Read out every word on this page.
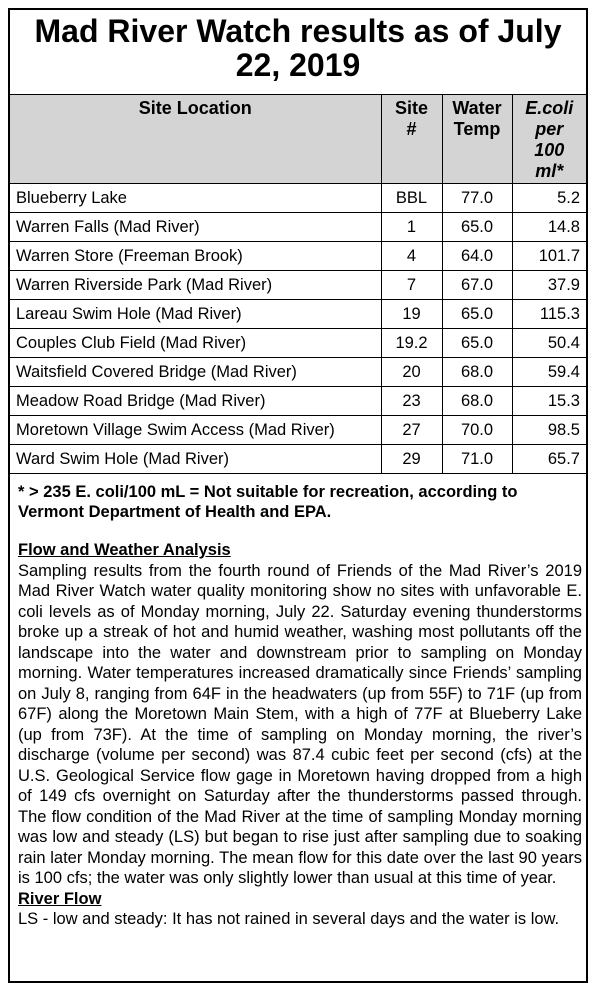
Mad River Watch results as of July 22, 2019
Site Location	Site #	Water Temp	E.coli per 100 ml*
Blueberry Lake	BBL	77.0	5.2
Warren Falls (Mad River)	1	65.0	14.8
Warren Store (Freeman Brook)	4	64.0	101.7
Warren Riverside Park (Mad River)	7	67.0	37.9
Lareau Swim Hole (Mad River)	19	65.0	115.3
Couples Club Field (Mad River)	19.2	65.0	50.4
Waitsfield Covered Bridge (Mad River)	20	68.0	59.4
Meadow Road Bridge (Mad River)	23	68.0	15.3
Moretown Village Swim Access (Mad River)	27	70.0	98.5
Ward Swim Hole (Mad River)	29	71.0	65.7
* > 235 E. coli/100 mL = Not suitable for recreation, according to Vermont Department of Health and EPA.
Flow and Weather Analysis
Sampling results from the fourth round of Friends of the Mad River’s 2019 Mad River Watch water quality monitoring show no sites with unfavorable E. coli levels as of Monday morning, July 22. Saturday evening thunderstorms broke up a streak of hot and humid weather, washing most pollutants off the landscape into the water and downstream prior to sampling on Monday morning. Water temperatures increased dramatically since Friends’ sampling on July 8, ranging from 64F in the headwaters (up from 55F) to 71F (up from 67F) along the Moretown Main Stem, with a high of 77F at Blueberry Lake (up from 73F). At the time of sampling on Monday morning, the river’s discharge (volume per second) was 87.4 cubic feet per second (cfs) at the U.S. Geological Service flow gage in Moretown having dropped from a high of 149 cfs overnight on Saturday after the thunderstorms passed through. The flow condition of the Mad River at the time of sampling Monday morning was low and steady (LS) but began to rise just after sampling due to soaking rain later Monday morning. The mean flow for this date over the last 90 years is 100 cfs; the water was only slightly lower than usual at this time of year.
River Flow
LS - low and steady: It has not rained in several days and the water is low.
